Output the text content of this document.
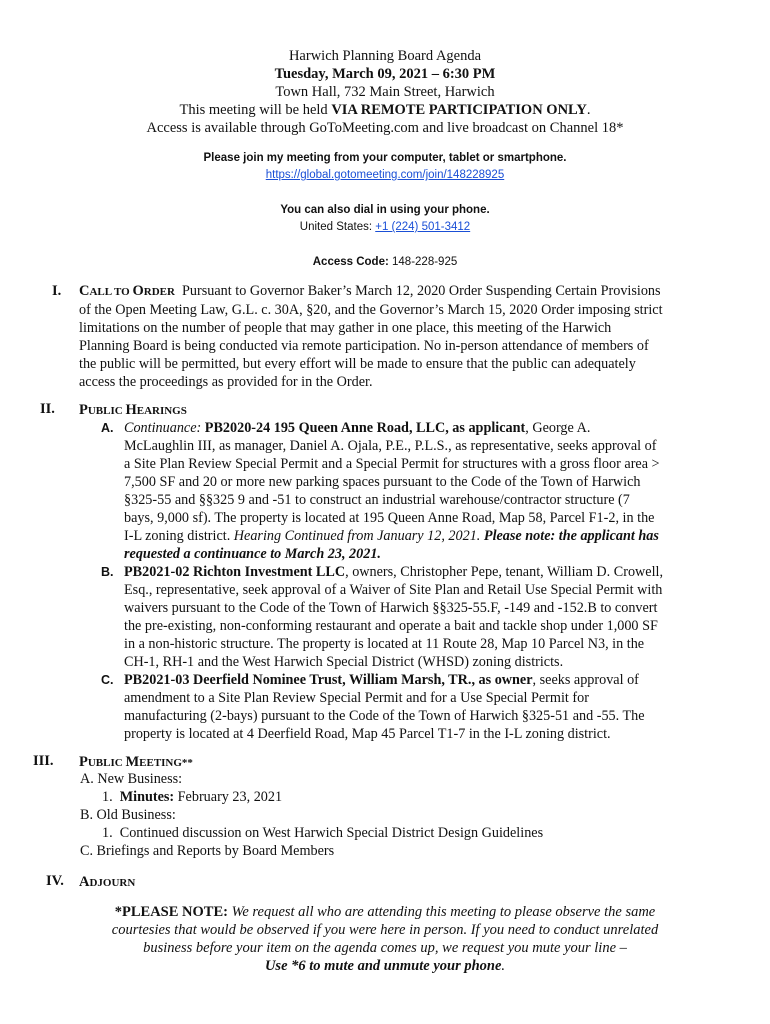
Harwich Planning Board Agenda
Tuesday, March 09, 2021 – 6:30 PM
Town Hall, 732 Main Street, Harwich
This meeting will be held VIA REMOTE PARTICIPATION ONLY.
Access is available through GoToMeeting.com and live broadcast on Channel 18*
Please join my meeting from your computer, tablet or smartphone.
https://global.gotomeeting.com/join/148228925
You can also dial in using your phone.
United States: +1 (224) 501-3412
Access Code: 148-228-925
I. CALL TO ORDER Pursuant to Governor Baker’s March 12, 2020 Order Suspending Certain Provisions
of the Open Meeting Law, G.L. c. 30A, §20, and the Governor’s March 15, 2020 Order imposing strict
limitations on the number of people that may gather in one place, this meeting of the Harwich
Planning Board is being conducted via remote participation. No in-person attendance of members of
the public will be permitted, but every effort will be made to ensure that the public can adequately
access the proceedings as provided for in the Order.
II. PUBLIC HEARINGS
A. Continuance: PB2020-24 195 Queen Anne Road, LLC, as applicant, George A.
McLaughlin III, as manager, Daniel A. Ojala, P.E., P.L.S., as representative, seeks approval of
a Site Plan Review Special Permit and a Special Permit for structures with a gross floor area >
7,500 SF and 20 or more new parking spaces pursuant to the Code of the Town of Harwich
§325-55 and §§325 9 and -51 to construct an industrial warehouse/contractor structure (7
bays, 9,000 sf). The property is located at 195 Queen Anne Road, Map 58, Parcel F1-2, in the
I-L zoning district. Hearing Continued from January 12, 2021. Please note: the applicant has
requested a continuance to March 23, 2021.
B. PB2021-02 Richton Investment LLC, owners, Christopher Pepe, tenant, William D. Crowell,
Esq., representative, seek approval of a Waiver of Site Plan and Retail Use Special Permit with
waivers pursuant to the Code of the Town of Harwich §§325-55.F, -149 and -152.B to convert
the pre-existing, non-conforming restaurant and operate a bait and tackle shop under 1,000 SF
in a non-historic structure. The property is located at 11 Route 28, Map 10 Parcel N3, in the
CH-1, RH-1 and the West Harwich Special District (WHSD) zoning districts.
C. PB2021-03 Deerfield Nominee Trust, William Marsh, TR., as owner, seeks approval of
amendment to a Site Plan Review Special Permit and for a Use Special Permit for
manufacturing (2-bays) pursuant to the Code of the Town of Harwich §325-51 and -55. The
property is located at 4 Deerfield Road, Map 45 Parcel T1-7 in the I-L zoning district.
III. PUBLIC MEETING**
A. New Business:
1. Minutes: February 23, 2021
B. Old Business:
1. Continued discussion on West Harwich Special District Design Guidelines
C. Briefings and Reports by Board Members
IV. ADJOURN
*PLEASE NOTE: We request all who are attending this meeting to please observe the same
courtesies that would be observed if you were here in person. If you need to conduct unrelated
business before your item on the agenda comes up, we request you mute your line –
Use *6 to mute and unmute your phone.
